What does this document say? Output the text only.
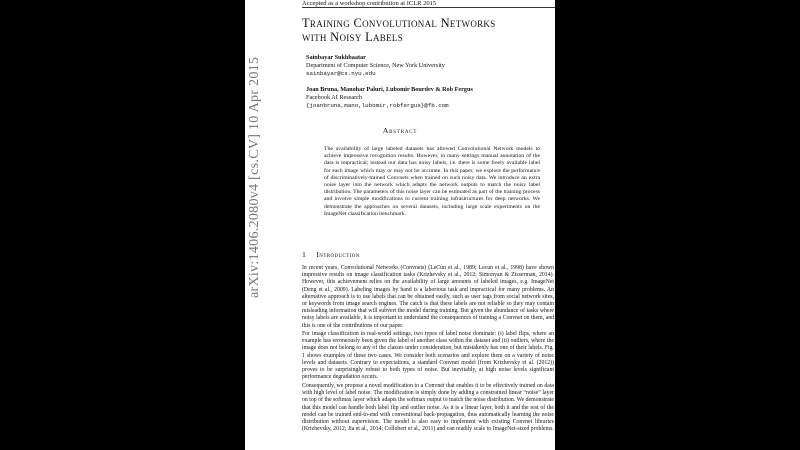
Accepted as a workshop contribution at ICLR 2015
arXiv:1406.2080v4 [cs.CV] 10 Apr 2015
Training Convolutional Networks
with Noisy Labels
Sainbayar Sukhbaatar
Department of Computer Science, New York University
sainbayar@cs.nyu.edu
Joan Bruna, Manohar Paluri, Lubomir Bourdev & Rob Fergus
Facebook AI Research
{joanbruna,mano,lubomir,robfergus}@fb.com
Abstract
The availability of large labeled datasets has allowed Convolutional Network models to achieve impressive recognition results. However, in many settings manual annotation of the data is impractical; instead our data has noisy labels, i.e. there is some freely available label for each image which may or may not be accurate. In this paper, we explore the performance of discriminatively-trained Convnets when trained on such noisy data. We introduce an extra noise layer into the network which adapts the network outputs to match the noisy label distribution. The parameters of this noise layer can be estimated as part of the training process and involve simple modifications to current training infrastructures for deep networks. We demonstrate the approaches on several datasets, including large scale experiments on the ImageNet classification benchmark.
1 Introduction
In recent years, Convolutional Networks (Convnets) (LeCun et al., 1989; Lecun et al., 1998) have shown impressive results on image classification tasks (Krizhevsky et al., 2012; Simonyan & Zisserman, 2014). However, this achievement relies on the availability of large amounts of labeled images, e.g. ImageNet (Deng et al., 2009). Labeling images by hand is a laborious task and impractical for many problems. An alternative approach is to use labels that can be obtained easily, such as user tags from social network sites, or keywords from image search engines. The catch is that these labels are not reliable so they may contain misleading information that will subvert the model during training. But given the abundance of tasks where noisy labels are available, it is important to understand the consequences of training a Convnet on them, and this is one of the contributions of our paper.
For image classification in real-world settings, two types of label noise dominate: (i) label flips, where an example has erroneously been given the label of another class within the dataset and (ii) outliers, where the image does not belong to any of the classes under consideration, but mistakenly has one of their labels. Fig. 1 shows examples of these two cases. We consider both scenarios and explore them on a variety of noise levels and datasets. Contrary to expectations, a standard Convnet model (from Krizhevsky et al. (2012)) proves to be surprisingly robust to both types of noise. But inevitably, at high noise levels significant performance degradation occurs.
Consequently, we propose a novel modification to a Convnet that enables it to be effectively trained on data with high level of label noise. The modification is simply done by adding a constrained linear “noise” layer on top of the softmax layer which adapts the softmax output to match the noise distribution. We demonstrate that this model can handle both label flip and outlier noise. As it is a linear layer, both it and the rest of the model can be trained end-to-end with conventional back-propagation, thus automatically learning the noise distribution without supervision. The model is also easy to implement with existing Convnet libraries (Krizhevsky, 2012; Jia et al., 2014; Collobert et al., 2011) and can readily scale to ImageNet-sized problems.
